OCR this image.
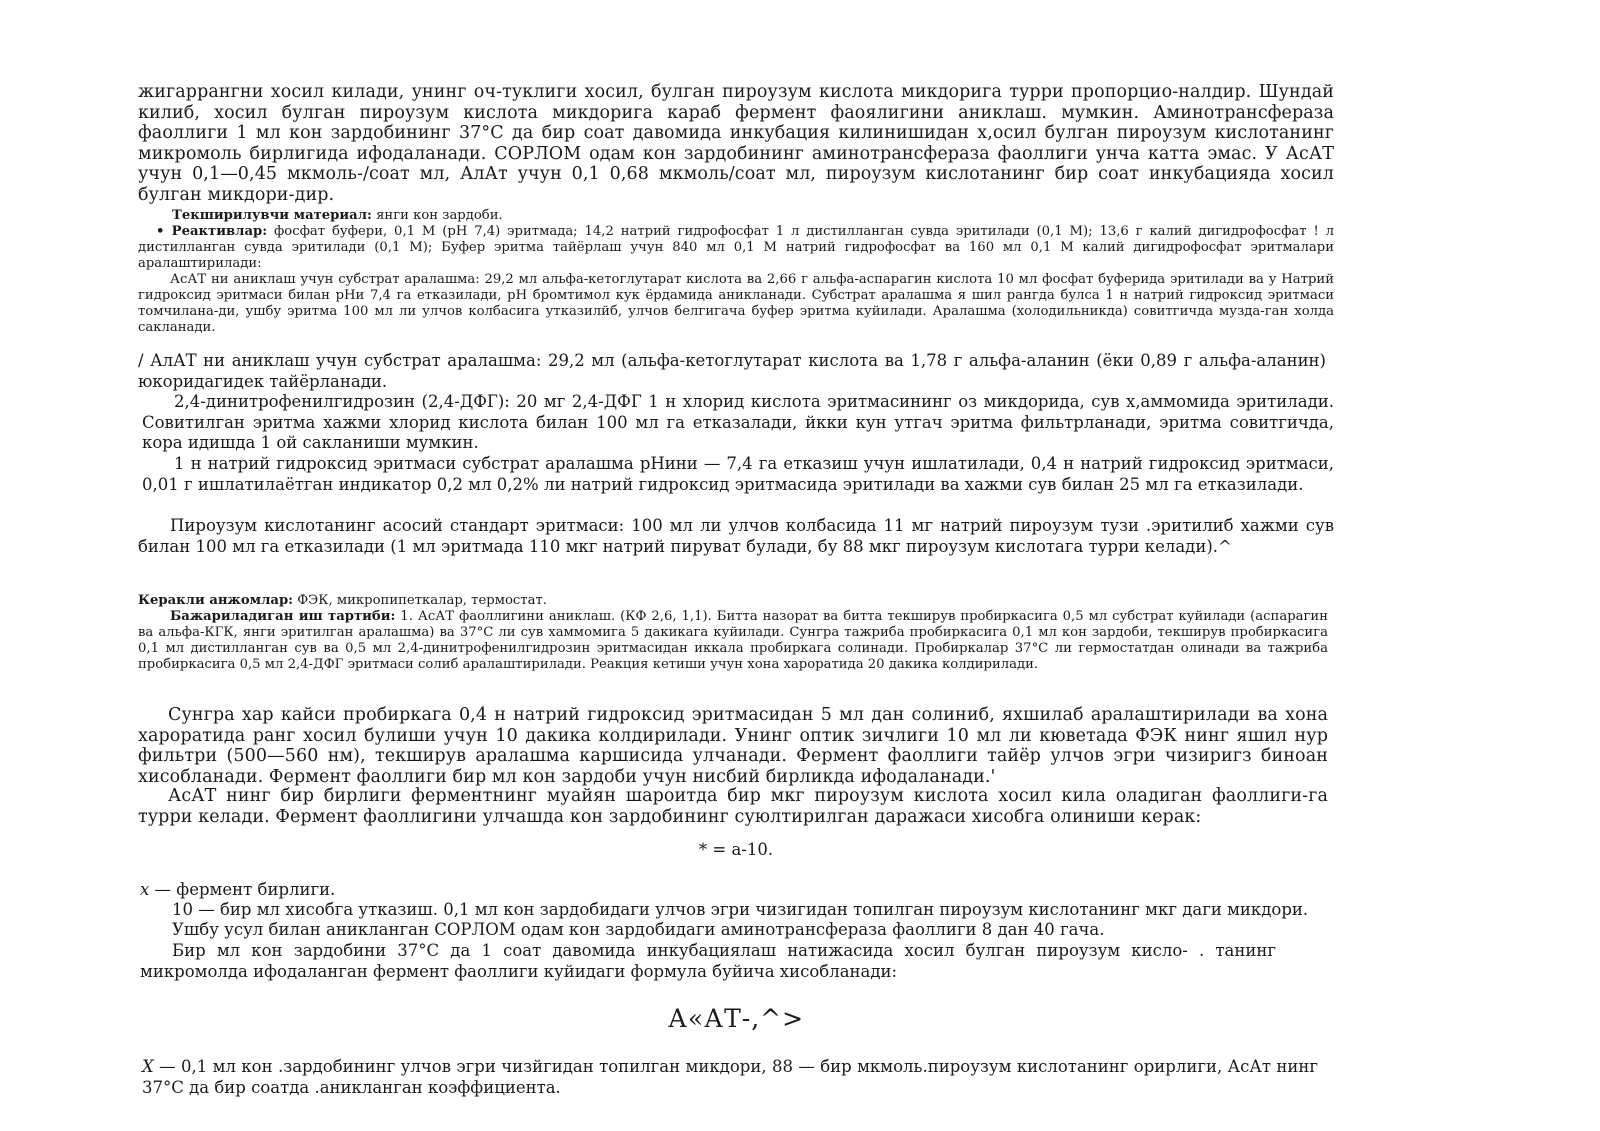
жигаррангни хосил килади, унинг оч-туклиги хосил, булган пироузум кислота микдорига турри пропорцио-налдир. Шундай килиб, хосил булган пироузум кислота микдорига караб фермент фаоялигини аниклаш. мумкин. Аминотрансфераза фаоллиги 1 мл кон зардобининг 37°С да бир соат давомида инкубация килинишидан х,осил булган пироузум кислотанинг микромоль бирлигида ифодаланади. COPЛOM одам кон зардобининг аминотрансфераза фаоллиги унча катта эмас. У АсАТ учун 0,1—0,45 мкмоль-/соат мл, АлАт учун 0,1 0,68 мкмоль/соат мл, пироузум кислотанинг бир соат инкубацияда хосил булган микдори-дир.

Текширилувчи материал: янги кон зардоби.

• Реактивлар: фосфат буфери, 0,1 М (рН 7,4) эритмада; 14,2 натрий гидрофосфат 1 л дистилланган сувда эритилади (0,1 М); 13,6 г калий дигидрофосфат ! л дистилланган сувда эритилади (0,1 М); Буфер эритма тайёрлаш учун 840 мл 0,1 М натрий гидрофосфат ва 160 мл 0,1 М калий дигидрофосфат эритмалари аралаштирилади:

АсАТ ни аниклаш учун субстрат аралашма: 29,2 мл альфа-кетоглутарат кислота ва 2,66 г альфа-аспарагин кислота 10 мл фосфат буферида эритилади ва у Натрий гидроксид эритмаси билан рНи 7,4 га етказилади, рН бромтимол кук ёрдамида аникланади. Субстрат аралашма я шил рангда булса 1 н натрий гидроксид эритмаси томчилана-ди, ушбу эритма 100 мл ли улчов колбасига утказилйб, улчов белгигача буфер эритма куйилади. Аралашма (холодильникда) совитгичда музда-ган холда сакланади.

/ АлАТ ни аниклаш учун субстрат аралашма: 29,2 мл (альфа-кетоглутарат кислота ва 1,78 г альфа-аланин (ёки 0,89 г альфа-аланин) юкоридагидек тайёрланади.

2,4-динитрофенилгидрозин (2,4-ДФГ): 20 мг 2,4-ДФГ 1 н хлорид кислота эритмасининг оз микдорида, сув х,аммомида эритилади. Совитилган эритма хажми хлорид кислота билан 100 мл га етказалади, йкки кун утгач эритма фильтрланади, эритма совитгичда, кора идишда 1 ой сакланиши мумкин.

1 н натрий гидроксид эритмаси субстрат аралашма рНини — 7,4 га етказиш учун ишлатилади, 0,4 н натрий гидроксид эритмаси, 0,01 г ишлатилаётган индикатор 0,2 мл 0,2% ли натрий гидроксид эритмасида эритилади ва хажми сув билан 25 мл га етказилади.

Пироузум кислотанинг асосий стандарт эритмаси: 100 мл ли улчов колбасида 11 мг натрий пироузум тузи .эритилиб хажми сув билан 100 мл га етказилади (1 мл эритмада 110 мкг натрий пируват булади, бу 88 мкг пироузум кислотага турри келади).^

Керакли анжомлар: ФЭК, микропипеткалар, термостат.

Бажариладиган иш тартиби: 1. АсАТ фаоллигини аниклаш. (КФ 2,6, 1,1). Битта назорат ва битта текширув пробиркасига 0,5 мл субстрат куйилади (аспарагин ва альфа-КГК, янги эритилган аралашма) ва 37°С ли сув хаммомига 5 дакикага куйилади. Сунгра тажриба пробиркасига 0,1 мл кон зардоби, текширув пробиркасига 0,1 мл дистилланган сув ва 0,5 мл 2,4-динитрофенилгидрозин эритмасидан иккала пробиркага солинади. Пробиркалар 37°С ли гермостатдан олинади ва тажриба пробиркасига 0,5 мл 2,4-ДФГ эритмаси солиб аралаштирилади. Реакция кетиши учун хона хароратида 20 дакика колдирилади.

Сунгра хар кайси пробиркага 0,4 н натрий гидроксид эритмасидан 5 мл дан солиниб, яхшилаб аралаштирилади ва хона хароратида ранг хосил булиши учун 10 дакика колдирилади. Унинг оптик зичлиги 10 мл ли кюветада ФЭК нинг яшил нур фильтри (500—560 нм), текширув аралашма каршисида улчанади. Фермент фаоллиги тайёр улчов эгри чизиригз биноан хисобланади. Фермент фаоллиги бир мл кон зардоби учун нисбий бирликда ифодаланади.'

АсАТ нинг бир бирлиги ферментнинг муайян шароитда бир мкг пироузум кислота хосил кила оладиган фаоллиги-га турри келади. Фермент фаоллигини улчашда кон зардобининг суюлтирилган даражаси хисобга олиниши керак:

* = а-10.

x — фермент бирлиги.

10 — бир мл хисобга утказиш. 0,1 мл кон зардобидаги улчов эгри чизигидан топилган пироузум кислотанинг мкг даги микдори.

Ушбу усул билан аникланган COPЛOM одам кон зардобидаги аминотрансфераза фаоллиги 8 дан 40 гача.

Бир мл кон зардобини 37°С да 1 соат давомида инкубациялаш натижасида хосил булган пироузум кисло- . танинг микромолда ифодаланган фермент фаоллиги куйидаги формула буйича хисобланади:

А«АТ-,^>

X — 0,1 мл кон .зардобининг улчов эгри чизйгидан топилган микдори, 88 — бир мкмоль.пироузум кислотанинг орирлиги, АсАт нинг 37°С да бир соатда .аникланган коэффициента.
